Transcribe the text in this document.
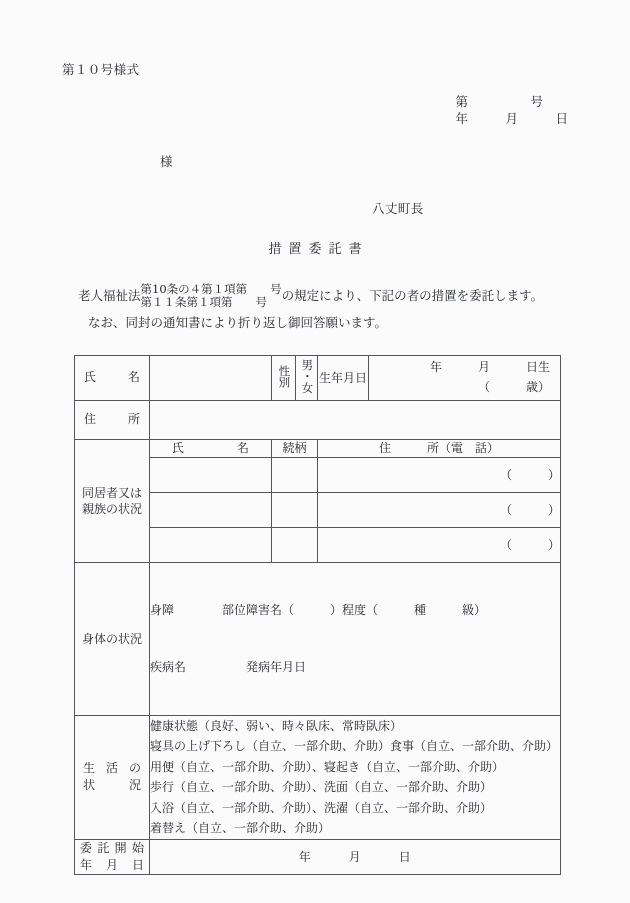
第１０号様式
第　　　　　号
年　　　月　　　日
様
八丈町長
措置委託書
老人福祉法 第10条の４第１項第　　号
第１１条第１項第　　号	の規定により、下記の者の措置を委託します。
なお、同封の通知書により折り返し御回答願います。
氏名		性別	男・女	生年月日	年　　　月　　　日生
（　　　歳）

住所					

同居者又は
親族の状況	氏名	続柄		住　　　所（電　話）	
				（　　　）	
				（　　　）	
				（　　　）	
身体の状況	身障　　　　部位障害名（　　　）程度（　　　種　　　級）

疾病名　　　　　発病年月日				

生活の
状況

健康状態（良好、弱い、時々臥床、常時臥床）
寝具の上げ下ろし（自立、一部介助、介助）食事（自立、一部介助、介助）
用便（自立、一部介助、介助）、寝起き（自立、一部介助、介助）
歩行（自立、一部介助、介助）、洗面（自立、一部介助、介助）
入浴（自立、一部介助、介助）、洗濯（自立、一部介助、介助）
着替え（自立、一部介助、介助）

委託開始
年月日	年　　　月　　　日				
